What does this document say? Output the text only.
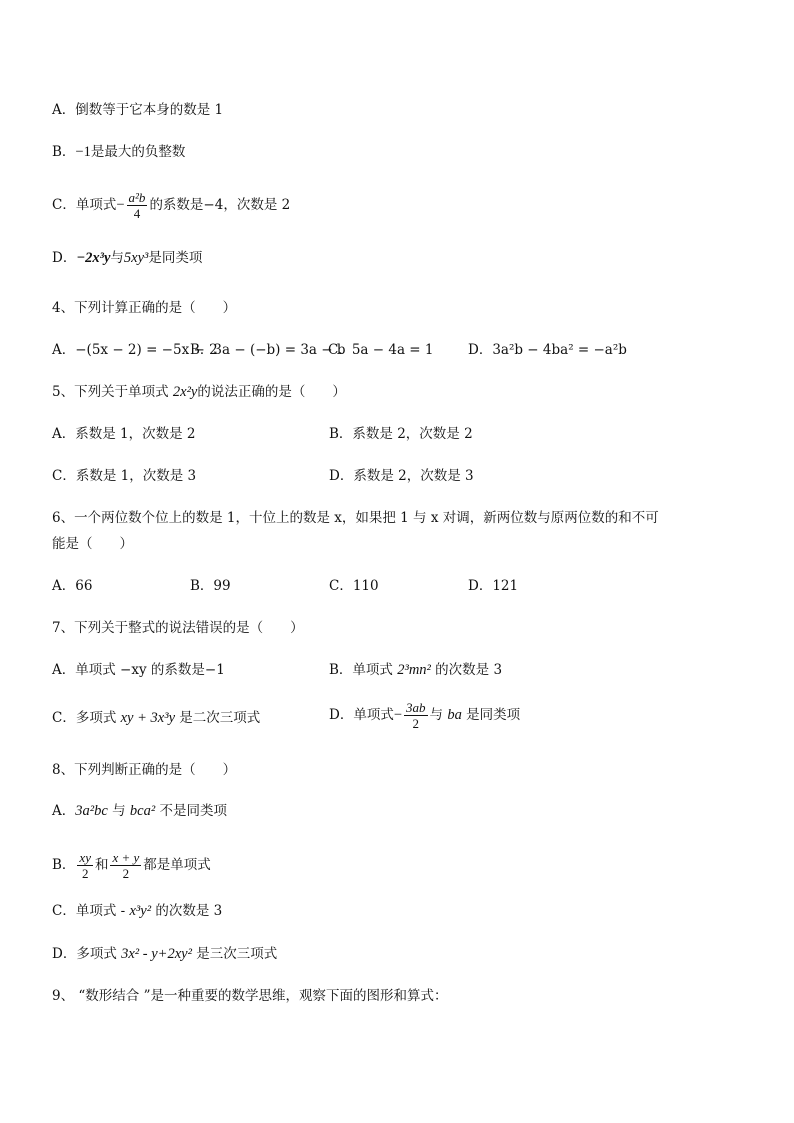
A．倒数等于它本身的数是 1
B．−1是最大的负整数
C．单项式− $\frac{\text{a²b}}{4}$ 的系数是−4，次数是 2
D．−2x³y与5xy³是同类项
4、下列计算正确的是（　　）
A．−(5x − 2) = −5x − 2
B．3a − (−b) = 3a − b
C．5a − 4a = 1	D．3a²b − 4ba² = −a²b
5、下列关于单项式 2x²y的说法正确的是（　　）
A．系数是 1，次数是 2	B．系数是 2，次数是 2
C．系数是 1，次数是 3	D．系数是 2，次数是 3
6、一个两位数个位上的数是 1，十位上的数是 x，如果把 1 与 x 对调，新两位数与原两位数的和不可
能是（　　）
A．66	B．99	C．110	D．121
7、下列关于整式的说法错误的是（　　）
A．单项式 −xy 的系数是−1	B．单项式 2³mn² 的次数是 3
C．多项式 xy + 3x³y 是二次三项式	D．单项式− $\frac{3ab}{2}$ 与 ba 是同类项
8、下列判断正确的是（　　）
A．3a²bc 与 bca² 不是同类项
B． $\frac{xy}{2}$ 和 $\frac{x + y}{2}$ 都是单项式
C．单项式 - x³y² 的次数是 3
D．多项式 3x² - y+2xy² 是三次三项式
9、 “数形结合 ”是一种重要的数学思维，观察下面的图形和算式：
